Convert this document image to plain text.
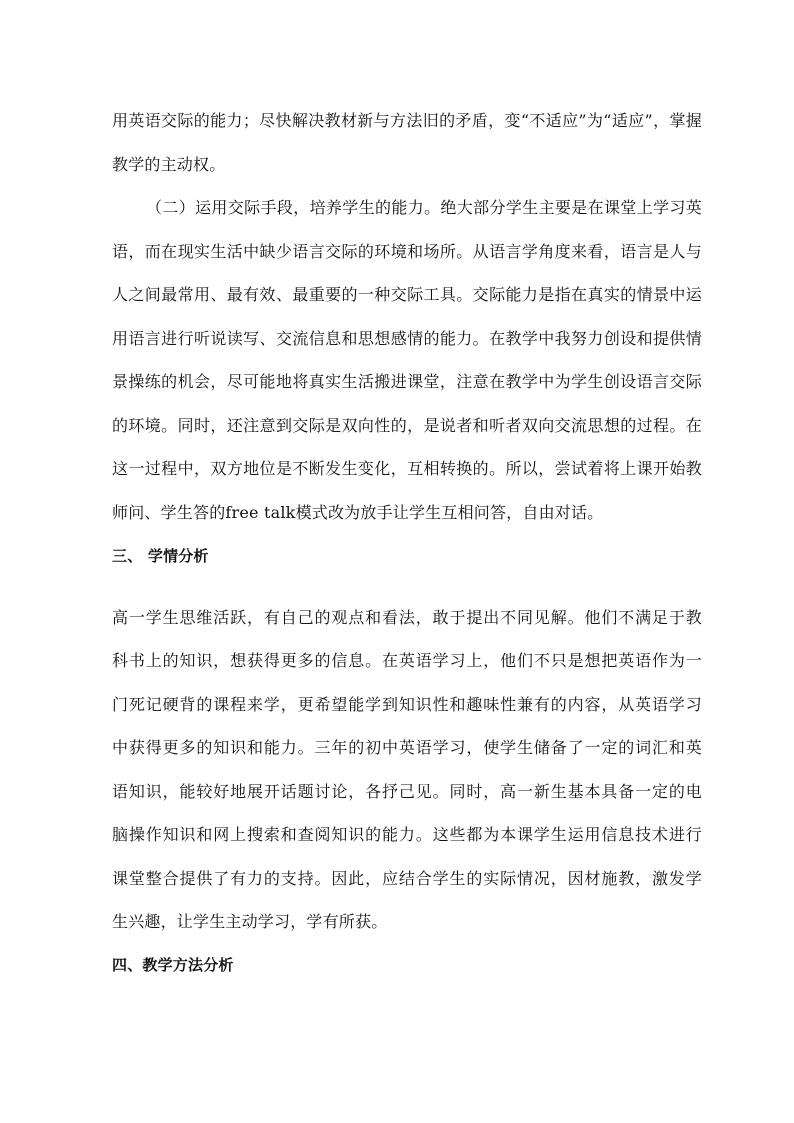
用英语交际的能力；尽快解决教材新与方法旧的矛盾，变“不适应”为“适应”，掌握
教学的主动权。
（二）运用交际手段，培养学生的能力。绝大部分学生主要是在课堂上学习英
语，而在现实生活中缺少语言交际的环境和场所。从语言学角度来看，语言是人与
人之间最常用、最有效、最重要的一种交际工具。交际能力是指在真实的情景中运
用语言进行听说读写、交流信息和思想感情的能力。在教学中我努力创设和提供情
景操练的机会，尽可能地将真实生活搬进课堂，注意在教学中为学生创设语言交际
的环境。同时，还注意到交际是双向性的，是说者和听者双向交流思想的过程。在
这一过程中，双方地位是不断发生变化，互相转换的。所以，尝试着将上课开始教
师问、学生答的free talk模式改为放手让学生互相问答，自由对话。
三、 学情分析
高一学生思维活跃，有自己的观点和看法，敢于提出不同见解。他们不满足于教
科书上的知识，想获得更多的信息。在英语学习上，他们不只是想把英语作为一
门死记硬背的课程来学，更希望能学到知识性和趣味性兼有的内容，从英语学习
中获得更多的知识和能力。三年的初中英语学习，使学生储备了一定的词汇和英
语知识，能较好地展开话题讨论，各抒己见。同时，高一新生基本具备一定的电
脑操作知识和网上搜索和查阅知识的能力。这些都为本课学生运用信息技术进行
课堂整合提供了有力的支持。因此，应结合学生的实际情况，因材施教，激发学
生兴趣，让学生主动学习，学有所获。
四、教学方法分析
